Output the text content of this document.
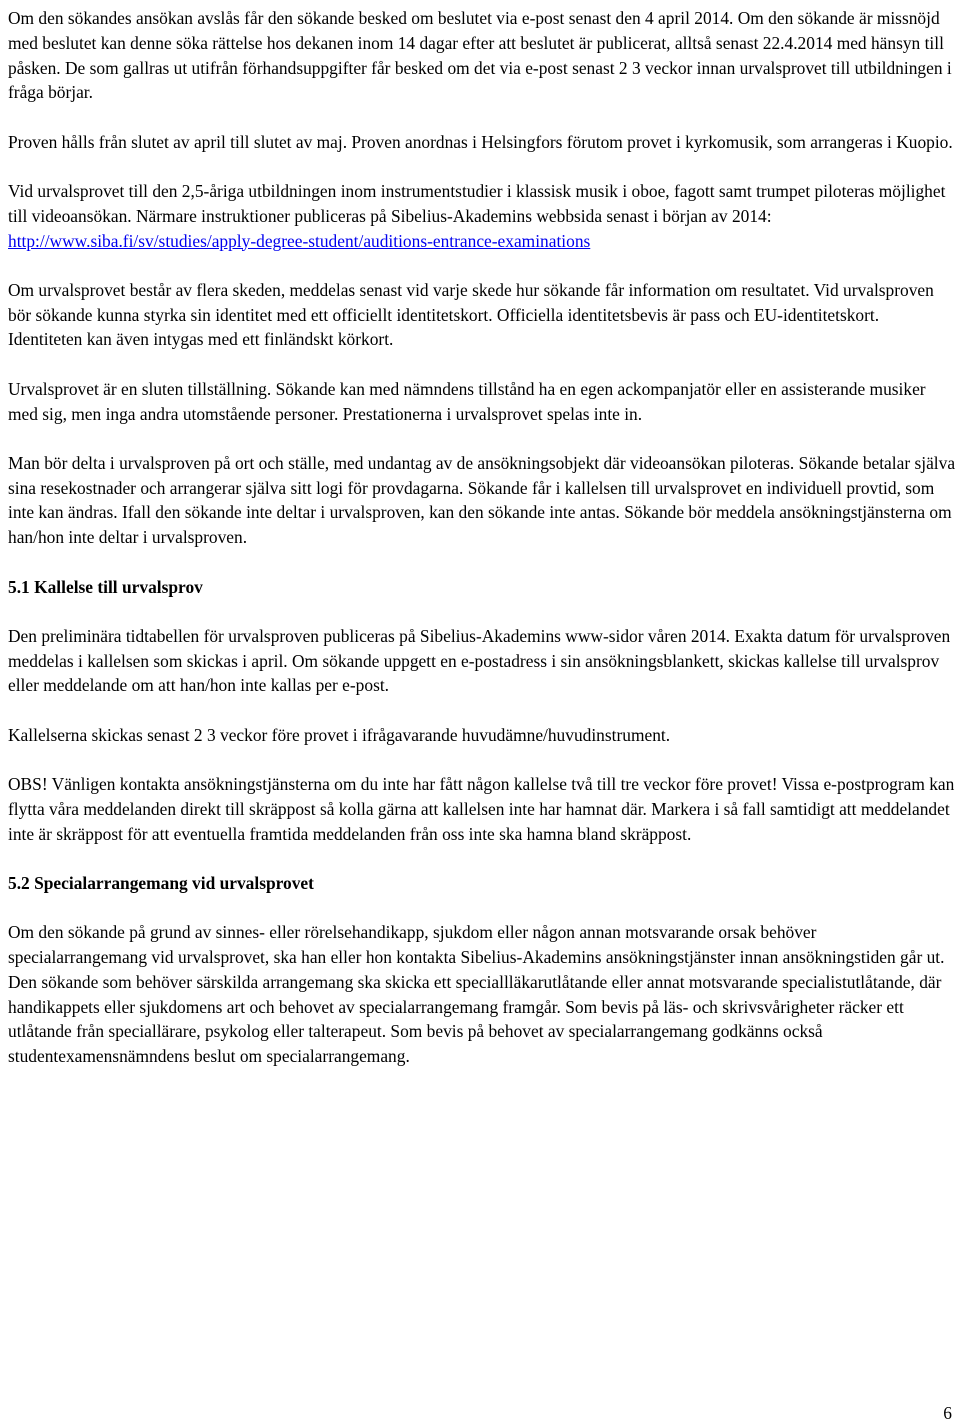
Om den sökandes ansökan avslås får den sökande besked om beslutet via e-post senast den 4 april 2014. Om den sökande är missnöjd med beslutet kan denne söka rättelse hos dekanen inom 14 dagar efter att beslutet är publicerat, alltså senast 22.4.2014 med hänsyn till påsken. De som gallras ut utifrån förhandsuppgifter får besked om det via e-post senast 2 3 veckor innan urvalsprovet till utbildningen i fråga börjar.

Proven hålls från slutet av april till slutet av maj. Proven anordnas i Helsingfors förutom provet i kyrkomusik, som arrangeras i Kuopio.

Vid urvalsprovet till den 2,5-åriga utbildningen inom instrumentstudier i klassisk musik i oboe, fagott samt trumpet piloteras möjlighet till videoansökan. Närmare instruktioner publiceras på Sibelius-Akademins webbsida senast i början av 2014: http://www.siba.fi/sv/studies/apply-degree-student/auditions-entrance-examinations

Om urvalsprovet består av flera skeden, meddelas senast vid varje skede hur sökande får information om resultatet. Vid urvalsproven bör sökande kunna styrka sin identitet med ett officiellt identitetskort. Officiella identitetsbevis är pass och EU-identitetskort. Identiteten kan även intygas med ett finländskt körkort.

Urvalsprovet är en sluten tillställning. Sökande kan med nämndens tillstånd ha en egen ackompanjatör eller en assisterande musiker med sig, men inga andra utomstående personer. Prestationerna i urvalsprovet spelas inte in.

Man bör delta i urvalsproven på ort och ställe, med undantag av de ansökningsobjekt där videoansökan piloteras. Sökande betalar själva sina resekostnader och arrangerar själva sitt logi för provdagarna. Sökande får i kallelsen till urvalsprovet en individuell provtid, som inte kan ändras. Ifall den sökande inte deltar i urvalsproven, kan den sökande inte antas. Sökande bör meddela ansökningstjänsterna om han/hon inte deltar i urvalsproven.

5.1 Kallelse till urvalsprov

Den preliminära tidtabellen för urvalsproven publiceras på Sibelius-Akademins www-sidor våren 2014. Exakta datum för urvalsproven meddelas i kallelsen som skickas i april. Om sökande uppgett en e-postadress i sin ansökningsblankett, skickas kallelse till urvalsprov eller meddelande om att han/hon inte kallas per e-post.

Kallelserna skickas senast 2 3 veckor före provet i ifrågavarande huvudämne/huvudinstrument.

OBS! Vänligen kontakta ansökningstjänsterna om du inte har fått någon kallelse två till tre veckor före provet! Vissa e-postprogram kan flytta våra meddelanden direkt till skräppost så kolla gärna att kallelsen inte har hamnat där. Markera i så fall samtidigt att meddelandet inte är skräppost för att eventuella framtida meddelanden från oss inte ska hamna bland skräppost.

5.2 Specialarrangemang vid urvalsprovet

Om den sökande på grund av sinnes- eller rörelsehandikapp, sjukdom eller någon annan motsvarande orsak behöver specialarrangemang vid urvalsprovet, ska han eller hon kontakta Sibelius-Akademins ansökningstjänster innan ansökningstiden går ut. Den sökande som behöver särskilda arrangemang ska skicka ett speciallläkarutlåtande eller annat motsvarande specialistutlåtande, där handikappets eller sjukdomens art och behovet av specialarrangemang framgår. Som bevis på läs- och skrivsvårigheter räcker ett utlåtande från speciallärare, psykolog eller talterapeut. Som bevis på behovet av specialarrangemang godkänns också studentexamensnämndens beslut om specialarrangemang.

6
